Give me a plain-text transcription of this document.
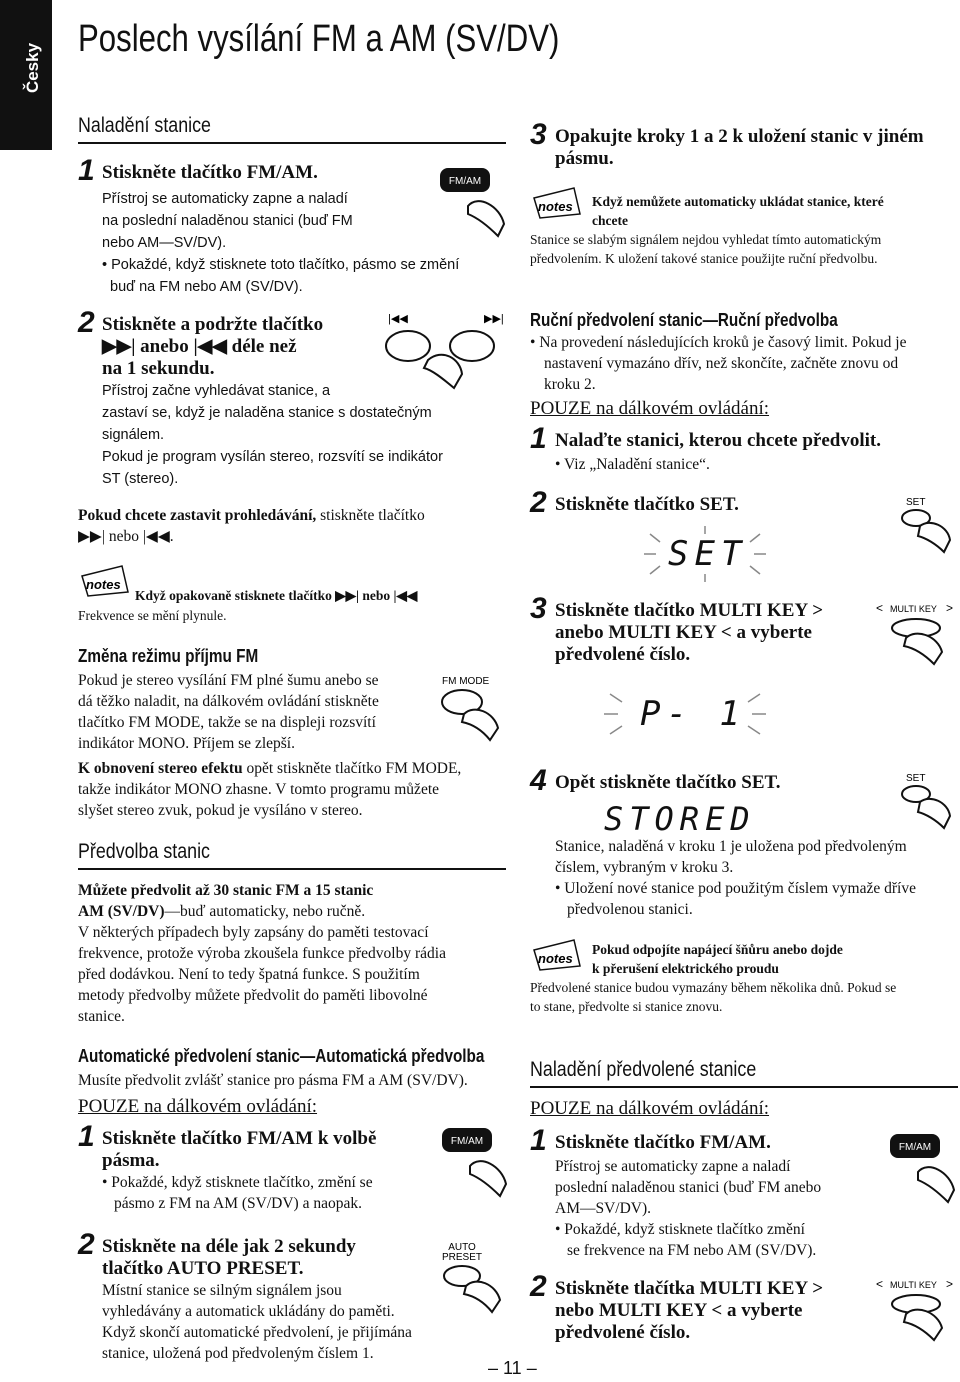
Česky
Poslech vysílání FM a AM (SV/DV)
Naladění stanice
1 Stiskněte tlačítko FM/AM.
Přístroj se automaticky zapne a naladí
na poslední naladěnou stanici (buď FM
nebo AM—SV/DV).
• Pokaždé, když stisknete toto tlačítko, pásmo se změní
buď na FM nebo AM (SV/DV).
FM/AM
2 Stiskněte a podržte tlačítko
▶▶| anebo |◀◀ déle než
na 1 sekundu.
|◀◀	▶▶|
Přístroj začne vyhledávat stanice, a
zastaví se, když je naladěna stanice s dostatečným
signálem.
Pokud je program vysílán stereo, rozsvítí se indikátor
ST (stereo).
Pokud chcete zastavit prohledávání, stiskněte tlačítko
▶▶| nebo |◀◀.
notes
Když opakovaně stisknete tlačítko ▶▶| nebo |◀◀
Frekvence se mění plynule.
Změna režimu příjmu FM
Pokud je stereo vysílání FM plné šumu anebo se
dá těžko naladit, na dálkovém ovládání stiskněte
tlačítko FM MODE, takže se na displeji rozsvítí
indikátor MONO. Příjem se zlepší.
FM MODE
K obnovení stereo efektu opět stiskněte tlačítko FM MODE,
takže indikátor MONO zhasne. V tomto programu můžete
slyšet stereo zvuk, pokud je vysíláno v stereo.
Předvolba stanic
Můžete předvolit až 30 stanic FM a 15 stanic
AM (SV/DV)—buď automaticky, nebo ručně.
V některých případech byly zapsány do paměti testovací
frekvence, protože výroba zkoušela funkce předvolby rádia
před dodávkou. Není to tedy špatná funkce. S použitím
metody předvolby můžete předvolit do paměti libovolné
stanice.
Automatické předvolení stanic—Automatická předvolba
Musíte předvolit zvlášť stanice pro pásma FM a AM (SV/DV).
POUZE na dálkovém ovládání:
1 Stiskněte tlačítko FM/AM k volbě
pásma.
• Pokaždé, když stisknete tlačítko, změní se
pásmo z FM na AM (SV/DV) a naopak.
FM/AM
2 Stiskněte na déle jak 2 sekundy
tlačítko AUTO PRESET.
Místní stanice se silným signálem jsou
vyhledávány a automatick ukládány do paměti.
Když skončí automatické předvolení, je přijímána
stanice, uložená pod předvoleným číslem 1.
AUTO
PRESET
– 11 –
3 Opakujte kroky 1 a 2 k uložení stanic v jiném
pásmu.
notes Když nemůžete automaticky ukládat stanice, které
chcete
Stanice se slabým signálem nejdou vyhledat tímto automatickým
předvolením. K uložení takové stanice použijte ruční předvolbu.
Ruční předvolení stanic—Ruční předvolba
• Na provedení následujících kroků je časový limit. Pokud je
nastavení vymazáno dřív, než skončíte, začněte znovu od
kroku 2.
POUZE na dálkovém ovládání:
1 Nalaďte stanici, kterou chcete předvolit.
• Viz „Naladění stanice“.
2 Stiskněte tlačítko SET.	SET
SET
3 Stiskněte tlačítko MULTI KEY >
anebo MULTI KEY < a vyberte
předvolené číslo.
< MULTI KEY >
P- 1
4 Opět stiskněte tlačítko SET.	SET
STORED
Stanice, naladěná v kroku 1 je uložena pod předvoleným
číslem, vybraným v kroku 3.
• Uložení nové stanice pod použitým číslem vymaže dříve
předvolenou stanici.
notes
Pokud odpojíte napájecí šňůru anebo dojde
k přerušení elektrického proudu
Předvolené stanice budou vymazány během několika dnů. Pokud se
to stane, předvolte si stanice znovu.
Naladění předvolené stanice
POUZE na dálkovém ovládání:
1 Stiskněte tlačítko FM/AM.
Přístroj se automaticky zapne a naladí
poslední naladěnou stanici (buď FM anebo
AM—SV/DV).
• Pokaždé, když stisknete tlačítko změní
se frekvence na FM nebo AM (SV/DV).
FM/AM
2 Stiskněte tlačítka MULTI KEY >
nebo MULTI KEY < a vyberte
předvolené číslo.
< MULTI KEY >
